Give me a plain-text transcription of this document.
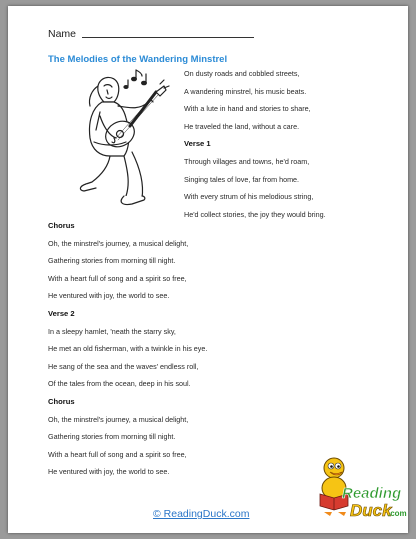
Name
The Melodies of the Wandering Minstrel
On dusty roads and cobbled streets,
A wandering minstrel, his music beats.
With a lute in hand and stories to share,
He traveled the land, without a care.
Verse 1
Through villages and towns, he'd roam,
Singing tales of love, far from home.
With every strum of his melodious string,
He'd collect stories, the joy they would bring.
Chorus
Oh, the minstrel's journey, a musical delight,
Gathering stories from morning till night.
With a heart full of song and a spirit so free,
He ventured with joy, the world to see.
Verse 2
In a sleepy hamlet, 'neath the starry sky,
He met an old fisherman, with a twinkle in his eye.
He sang of the sea and the waves' endless roll,
Of the tales from the ocean, deep in his soul.
Chorus
Oh, the minstrel's journey, a musical delight,
Gathering stories from morning till night.
With a heart full of song and a spirit so free,
He ventured with joy, the world to see.
© ReadingDuck.com
Reading
Duck
.com
